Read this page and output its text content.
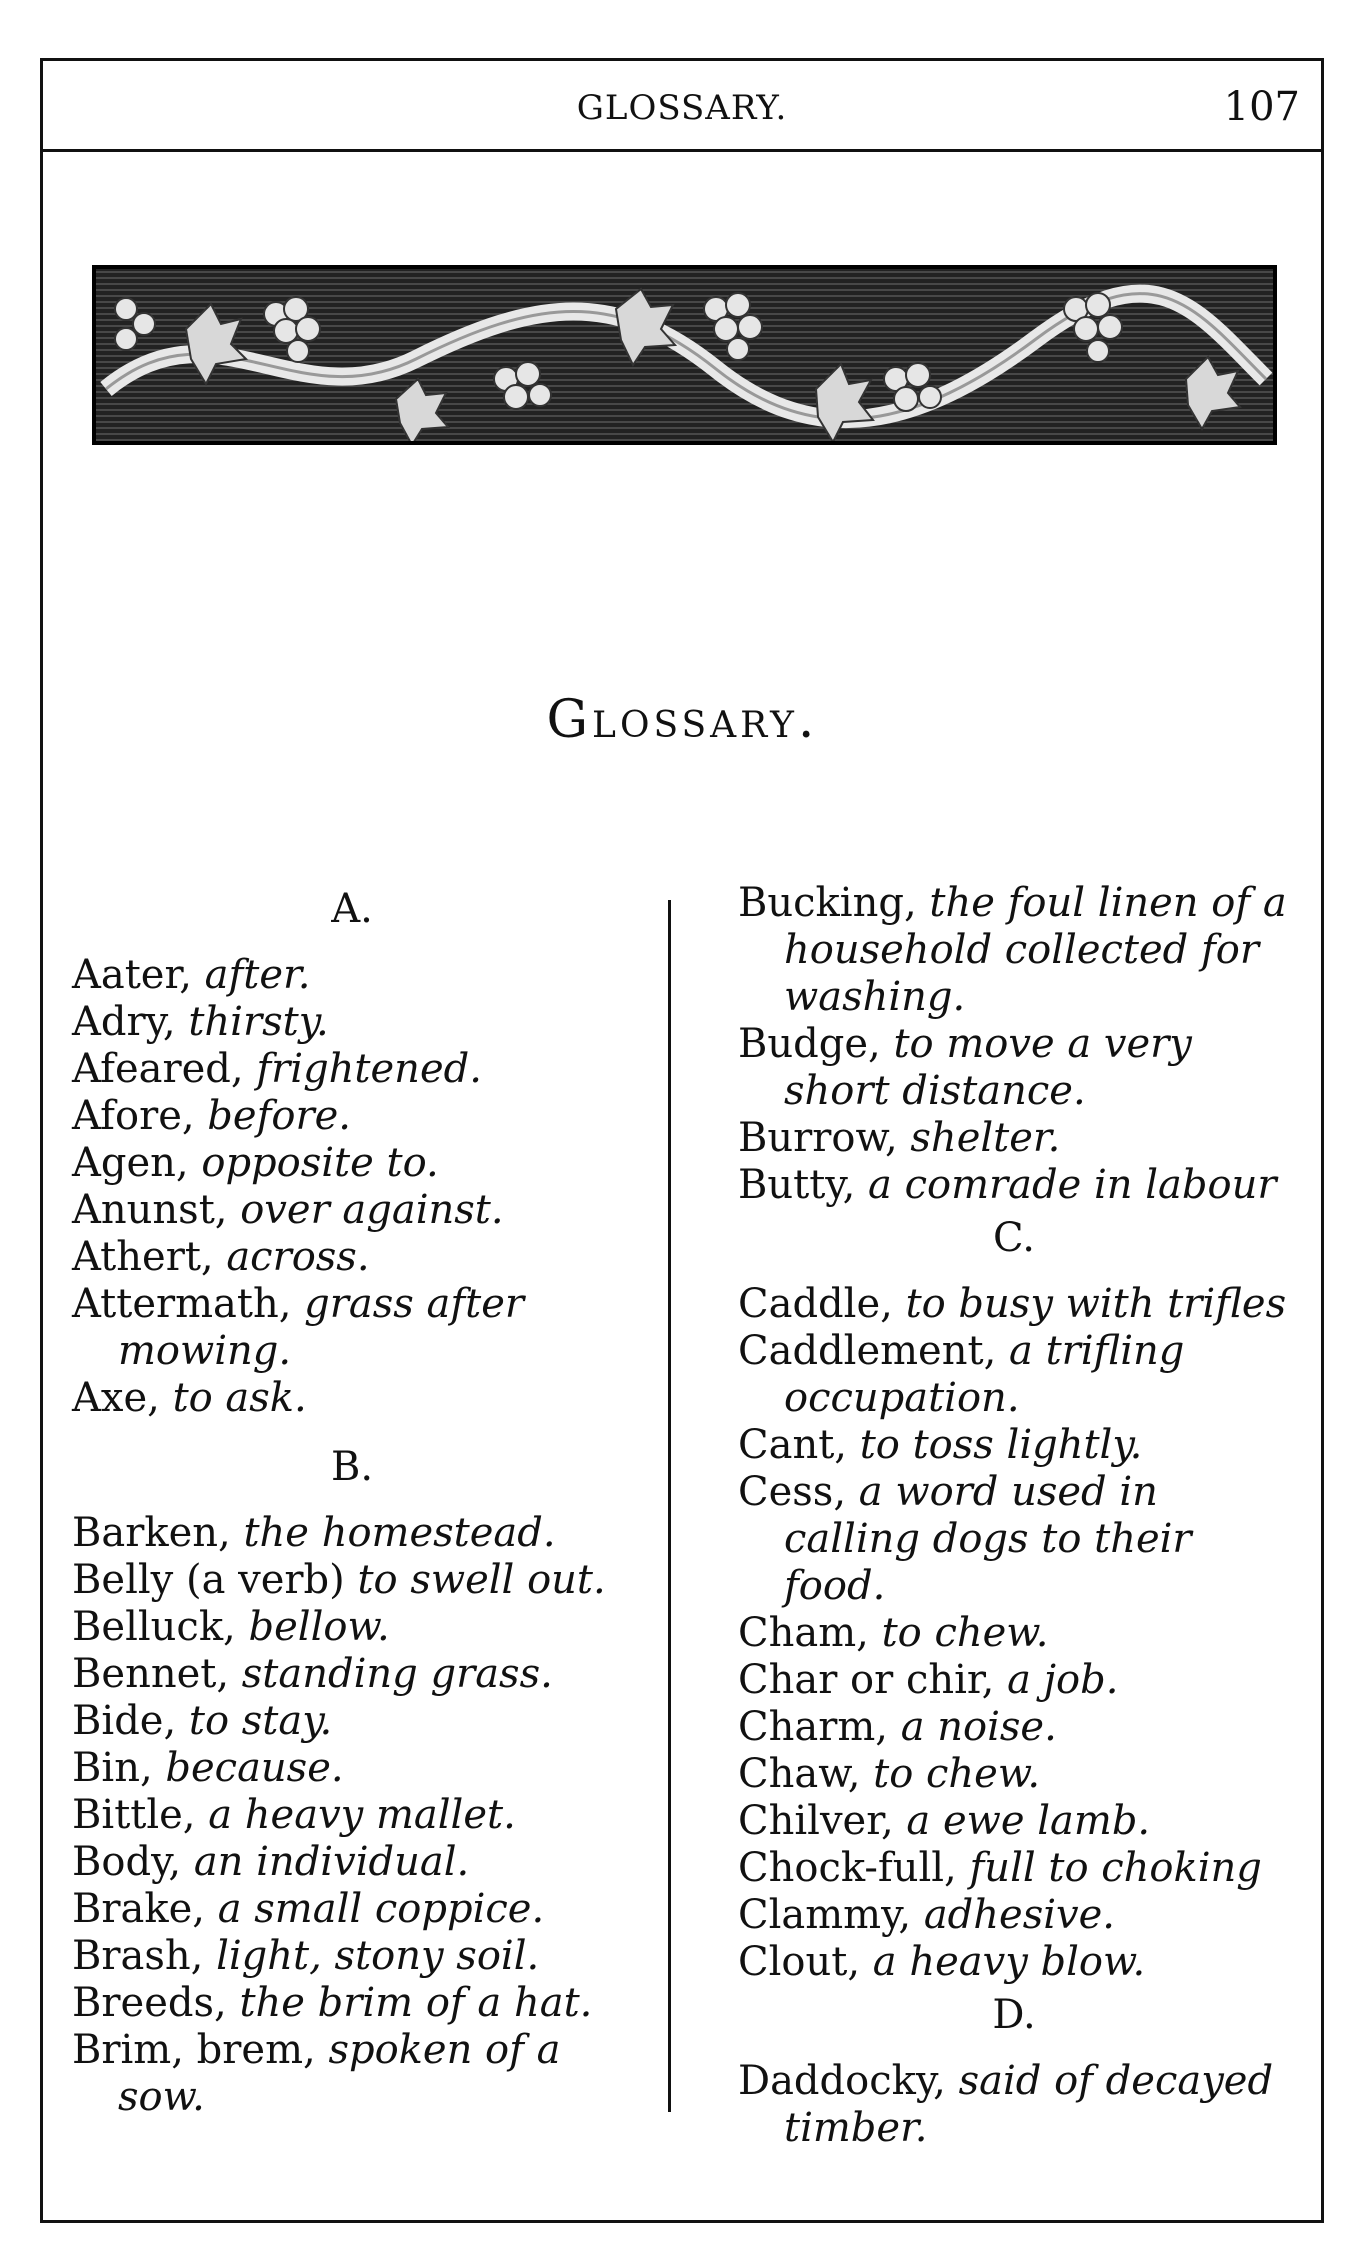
GLOSSARY.	107
Glossary.
A.
Aater, after.
Adry, thirsty.
Afeared, frightened.
Afore, before.
Agen, opposite to.
Anunst, over against.
Athert, across.
Attermath, grass after mowing.
Axe, to ask.
B.
Barken, the homestead.
Belly (a verb) to swell out.
Belluck, bellow.
Bennet, standing grass.
Bide, to stay.
Bin, because.
Bittle, a heavy mallet.
Body, an individual.
Brake, a small coppice.
Brash, light, stony soil.
Breeds, the brim of a hat.
Brim, brem, spoken of a sow.
Bucking, the foul linen of a household collected for washing.
Budge, to move a very short distance.
Burrow, shelter.
Butty, a comrade in labour
C.
Caddle, to busy with trifles
Caddlement, a trifling occupation.
Cant, to toss lightly.
Cess, a word used in calling dogs to their food.
Cham, to chew.
Char or chir, a job.
Charm, a noise.
Chaw, to chew.
Chilver, a ewe lamb.
Chock-full, full to choking
Clammy, adhesive.
Clout, a heavy blow.
D.
Daddocky, said of decayed timber.
